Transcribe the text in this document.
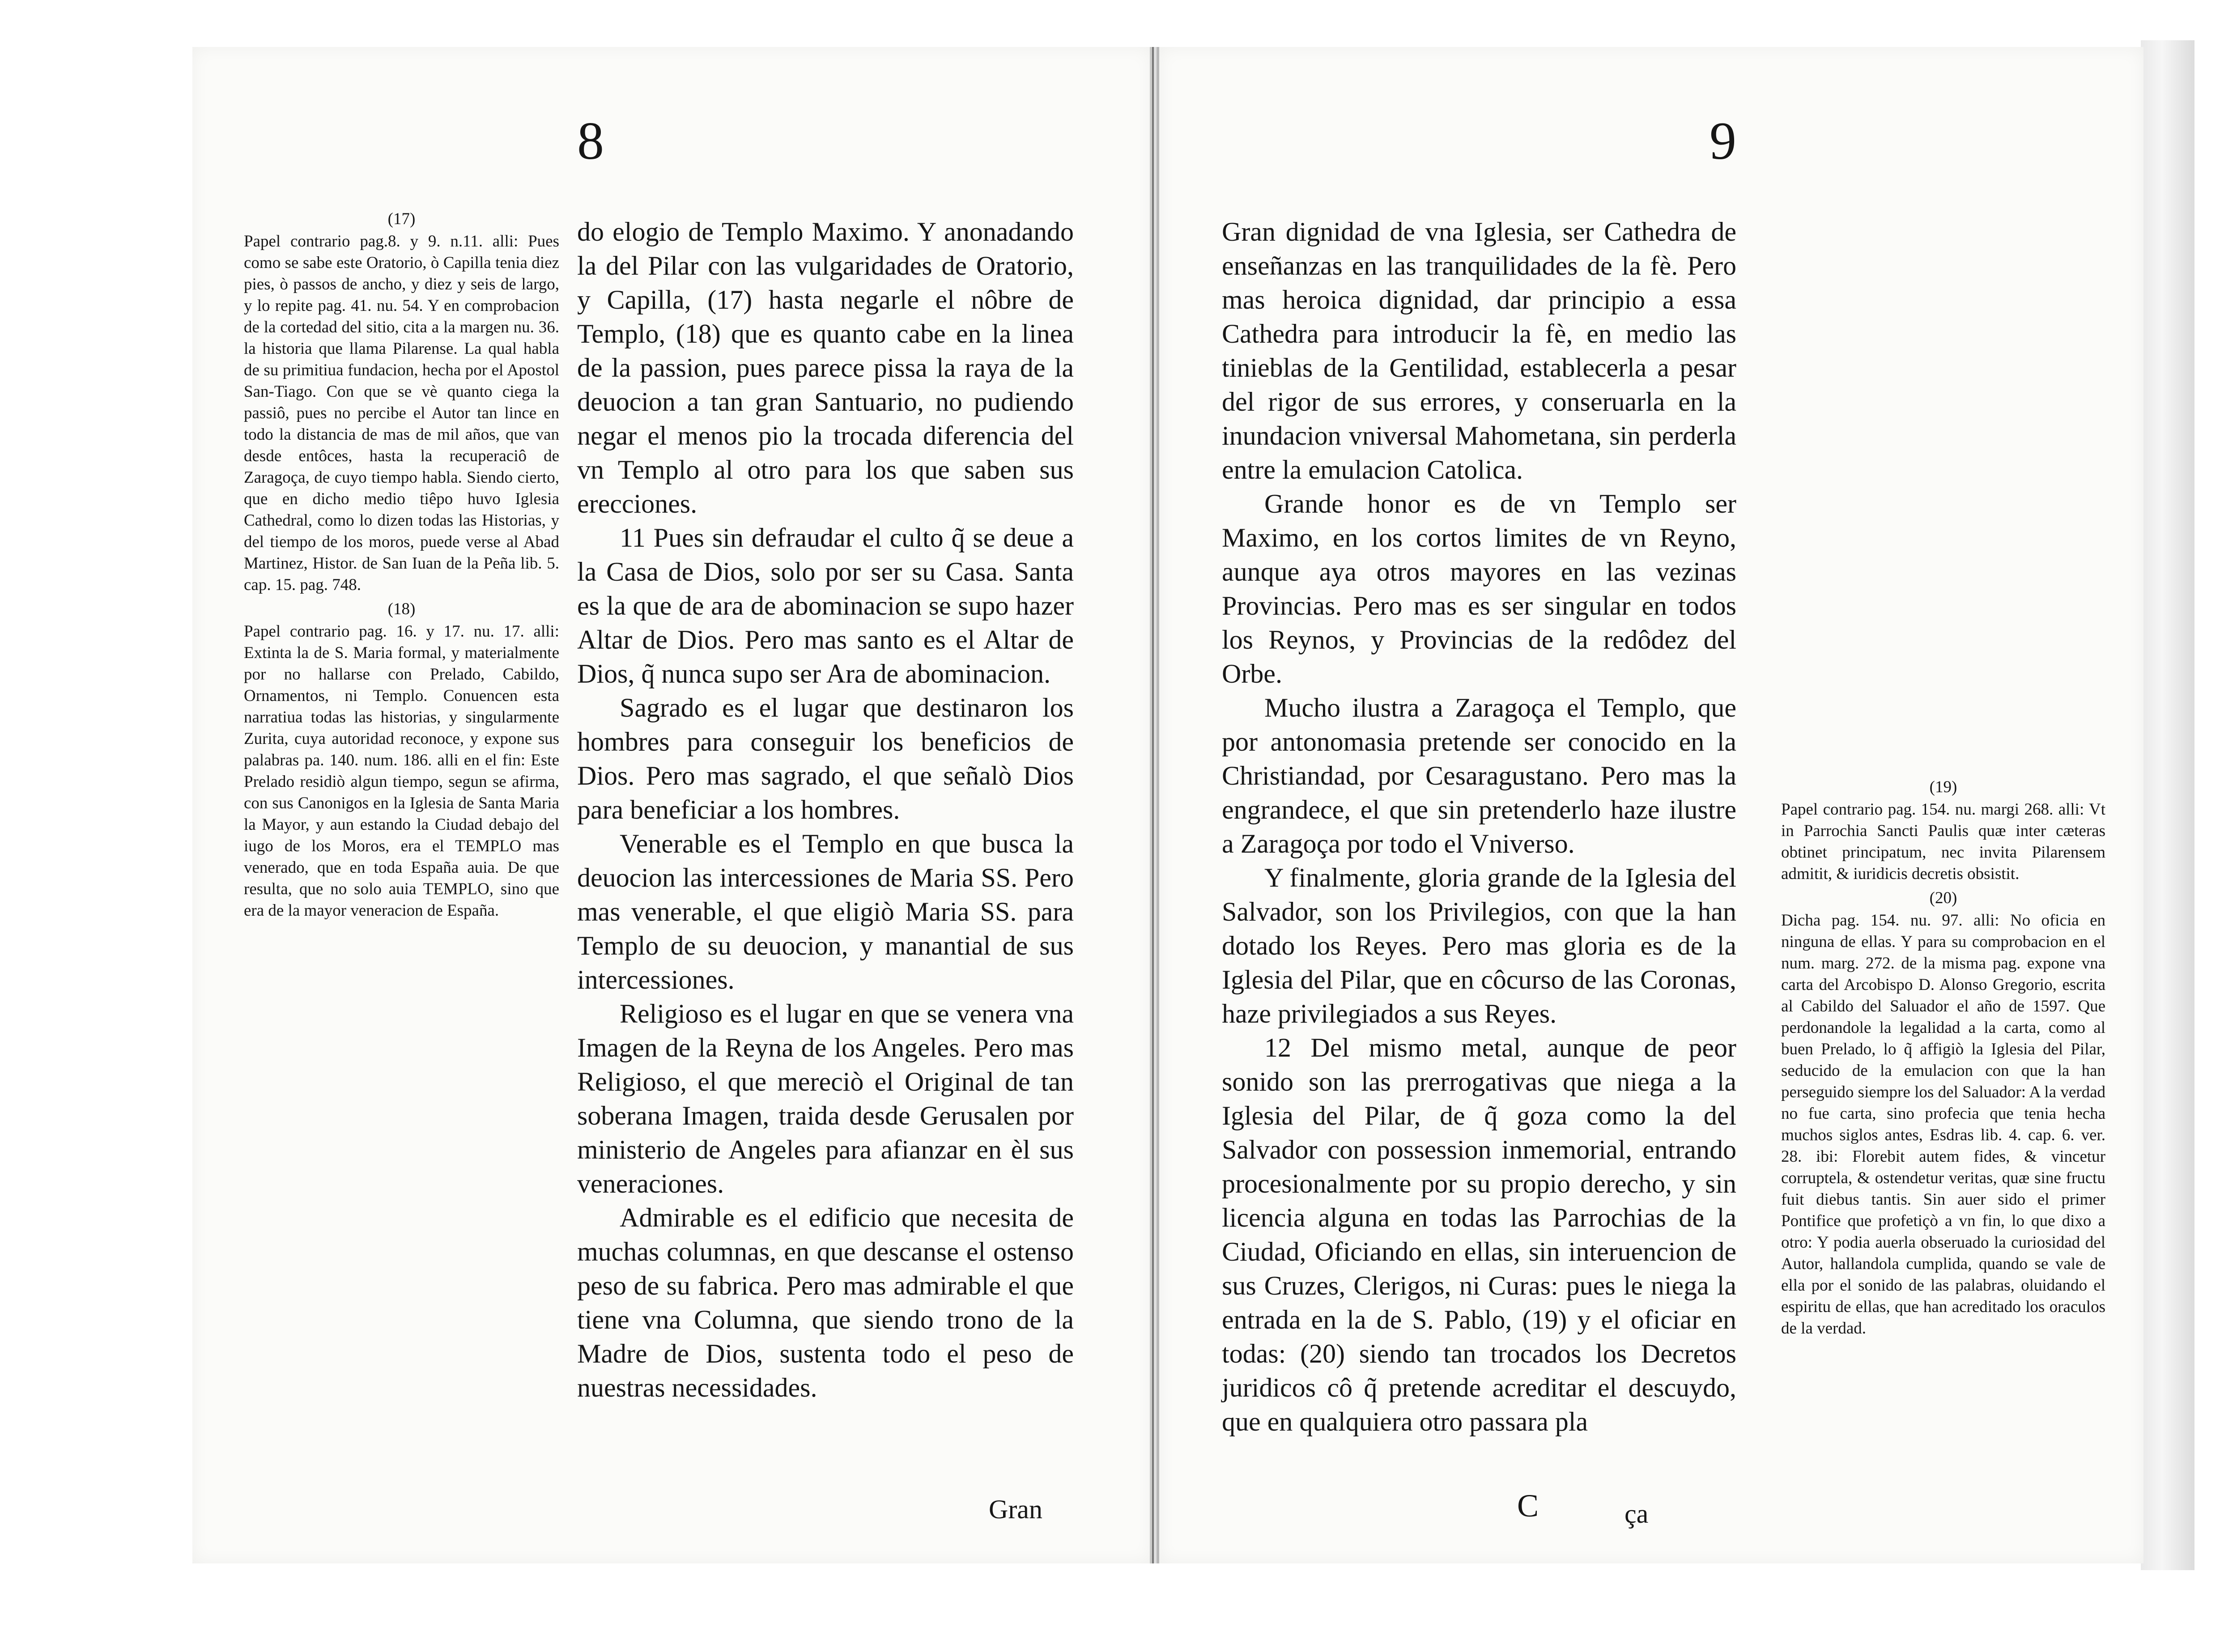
8
(17)

Papel contrario pag.8. y 9. n.11. alli: Pues como se sabe este Oratorio, ò Capilla tenia diez pies, ò passos de ancho, y diez y seis de largo, y lo repite pag. 41. nu. 54. Y en comprobacion de la cortedad del sitio, cita a la margen nu. 36. la historia que llama Pilarense. La qual habla de su primitiua fundacion, hecha por el Apostol San-Tiago. Con que se vè quanto ciega la passiô, pues no percibe el Autor tan lince en todo la distancia de mas de mil años, que van desde entôces, hasta la recuperaciô de Zaragoça, de cuyo tiempo habla. Siendo cierto, que en dicho medio tiêpo huvo Iglesia Cathedral, como lo dizen todas las Historias, y del tiempo de los moros, puede verse al Abad Martinez, Histor. de San Iuan de la Peña lib. 5. cap. 15. pag. 748.

(18)

Papel contrario pag. 16. y 17. nu. 17. alli: Extinta la de S. Maria formal, y materialmente por no hallarse con Prelado, Cabildo, Ornamentos, ni Templo. Conuencen esta narratiua todas las historias, y singularmente Zurita, cuya autoridad reconoce, y expone sus palabras pa. 140. num. 186. alli en el fin: Este Prelado residiò algun tiempo, segun se afirma, con sus Canonigos en la Iglesia de Santa Maria la Mayor, y aun estando la Ciudad debajo del iugo de los Moros, era el TEMPLO mas venerado, que en toda España auia. De que resulta, que no solo auia TEMPLO, sino que era de la mayor veneracion de España.

do elogio de Templo Maximo. Y anonadando la del Pilar con las vulgaridades de Oratorio, y Capilla, (17) hasta negarle el nôbre de Templo, (18) que es quanto cabe en la linea de la passion, pues parece pissa la raya de la deuocion a tan gran Santuario, no pudiendo negar el menos pio la trocada diferencia del vn Templo al otro para los que saben sus erecciones.

11 Pues sin defraudar el culto q̃ se deue a la Casa de Dios, solo por ser su Casa. Santa es la que de ara de abominacion se supo hazer Altar de Dios. Pero mas santo es el Altar de Dios, q̃ nunca supo ser Ara de abominacion.

Sagrado es el lugar que destinaron los hombres para conseguir los beneficios de Dios. Pero mas sagrado, el que señalò Dios para beneficiar a los hombres.

Venerable es el Templo en que busca la deuocion las intercessiones de Maria SS. Pero mas venerable, el que eligiò Maria SS. para Templo de su deuocion, y manantial de sus intercessiones.

Religioso es el lugar en que se venera vna Imagen de la Reyna de los Angeles. Pero mas Religioso, el que mereciò el Original de tan soberana Imagen, traida desde Gerusalen por ministerio de Angeles para afianzar en èl sus veneraciones.

Admirable es el edificio que necesita de muchas columnas, en que descanse el ostenso peso de su fabrica. Pero mas admirable el que tiene vna Columna, que siendo trono de la Madre de Dios, sustenta todo el peso de nuestras necessidades.

Gran
9

Gran dignidad de vna Iglesia, ser Cathedra de enseñanzas en las tranquilidades de la fè. Pero mas heroica dignidad, dar principio a essa Cathedra para introducir la fè, en medio las tinieblas de la Gentilidad, establecerla a pesar del rigor de sus errores, y conseruarla en la inundacion vniversal Mahometana, sin perderla entre la emulacion Catolica.

Grande honor es de vn Templo ser Maximo, en los cortos limites de vn Reyno, aunque aya otros mayores en las vezinas Provincias. Pero mas es ser singular en todos los Reynos, y Provincias de la redôdez del Orbe.

Mucho ilustra a Zaragoça el Templo, que por antonomasia pretende ser conocido en la Christiandad, por Cesaragustano. Pero mas la engrandece, el que sin pretenderlo haze ilustre a Zaragoça por todo el Vniverso.

Y finalmente, gloria grande de la Iglesia del Salvador, son los Privilegios, con que la han dotado los Reyes. Pero mas gloria es de la Iglesia del Pilar, que en côcurso de las Coronas, haze privilegiados a sus Reyes.

12 Del mismo metal, aunque de peor sonido son las prerrogativas que niega a la Iglesia del Pilar, de q̃ goza como la del Salvador con possession inmemorial, entrando procesionalmente por su propio derecho, y sin licencia alguna en todas las Parrochias de la Ciudad, Oficiando en ellas, sin interuencion de sus Cruzes, Clerigos, ni Curas: pues le niega la entrada en la de S. Pablo, (19) y el oficiar en todas: (20) siendo tan trocados los Decretos juridicos cô q̃ pretende acreditar el descuydo, que en qualquiera otro passara pla

(19)

Papel contrario pag. 154. nu. margi 268. alli: Vt in Parrochia Sancti Paulis quæ inter cæteras obtinet principatum, nec invita Pilarensem admitit, & iuridicis decretis obsistit.

(20)

Dicha pag. 154. nu. 97. alli: No oficia en ninguna de ellas. Y para su comprobacion en el num. marg. 272. de la misma pag. expone vna carta del Arcobispo D. Alonso Gregorio, escrita al Cabildo del Saluador el año de 1597. Que perdonandole la legalidad a la carta, como al buen Prelado, lo q̃ affigiò la Iglesia del Pilar, seducido de la emulacion con que la han perseguido siempre los del Saluador: A la verdad no fue carta, sino profecia que tenia hecha muchos siglos antes, Esdras lib. 4. cap. 6. ver. 28. ibi: Florebit autem fides, & vincetur corruptela, & ostendetur veritas, quæ sine fructu fuit diebus tantis. Sin auer sido el primer Pontifice que profetiçò a vn fin, lo que dixo a otro: Y podia auerla obseruado la curiosidad del Autor, hallandola cumplida, quando se vale de ella por el sonido de las palabras, oluidando el espiritu de ellas, que han acreditado los oraculos de la verdad.

C	ça
